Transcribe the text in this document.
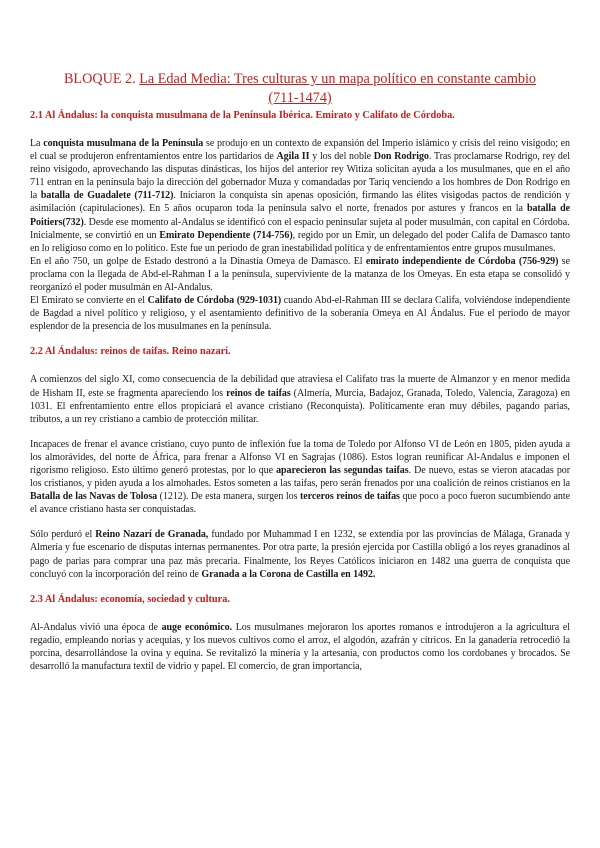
BLOQUE 2. La Edad Media: Tres culturas y un mapa político en constante cambio
(711-1474)
2.1 Al Ándalus: la conquista musulmana de la Península Ibérica. Emirato y Califato de Córdoba.

La conquista musulmana de la Península se produjo en un contexto de expansión del Imperio islámico y crisis del reino visigodo; en el cual se produjeron enfrentamientos entre los partidarios de Agila II y los del noble Don Rodrigo. Tras proclamarse Rodrigo, rey del reino visigodo, aprovechando las disputas dinásticas, los hijos del anterior rey Witiza solicitan ayuda a los musulmanes, que en el año 711 entran en la península bajo la dirección del gobernador Muza y comandadas por Tariq venciendo a los hombres de Don Rodrigo en la batalla de Guadalete (711-712). Iniciaron la conquista sin apenas oposición, firmando las élites visigodas pactos de rendición y asimilación (capitulaciones). En 5 años ocuparon toda la península salvo el norte, frenados por astures y francos en la batalla de Poitiers(732). Desde ese momento al-Andalus se identificó con el espacio peninsular sujeta al poder musulmán, con capital en Córdoba.

Inicialmente, se convirtió en un Emirato Dependiente (714-756), regido por un Emir, un delegado del poder Califa de Damasco tanto en lo religioso como en lo político. Este fue un periodo de gran inestabilidad política y de enfrentamientos entre grupos musulmanes.

En el año 750, un golpe de Estado destronó a la Dinastía Omeya de Damasco. El emirato independiente de Córdoba (756-929) se proclama con la llegada de Abd-el-Rahman I a la península, superviviente de la matanza de los Omeyas. En esta etapa se consolidó y reorganizó el poder musulmán en Al-Andalus.

El Emirato se convierte en el Califato de Córdoba (929-1031) cuando Abd-el-Rahman III se declara Califa, volviéndose independiente de Bagdad a nivel político y religioso, y el asentamiento definitivo de la soberanía Omeya en Al Ándalus. Fue el periodo de mayor esplendor de la presencia de los musulmanes en la península.

2.2 Al Ándalus: reinos de taifas. Reino nazarí.

A comienzos del siglo XI, como consecuencia de la debilidad que atraviesa el Califato tras la muerte de Almanzor y en menor medida de Hisham II, este se fragmenta apareciendo los reinos de taifas (Almería, Murcia, Badajoz, Granada, Toledo, Valencia, Zaragoza) en 1031. El enfrentamiento entre ellos propiciará el avance cristiano (Reconquista). Políticamente eran muy débiles, pagando parias, tributos, a un rey cristiano a cambio de protección militar.

Incapaces de frenar el avance cristiano, cuyo punto de inflexión fue la toma de Toledo por Alfonso VI de León en 1805, piden ayuda a los almorávides, del norte de África, para frenar a Alfonso VI en Sagrajas (1086). Estos logran reunificar Al-Andalus e imponen el rigorismo religioso. Esto último generó protestas, por lo que aparecieron las segundas taifas. De nuevo, estas se vieron atacadas por los cristianos, y piden ayuda a los almohades. Estos someten a las taifas, pero serán frenados por una coalición de reinos cristianos en la Batalla de las Navas de Tolosa (1212). De esta manera, surgen los terceros reinos de taifas que poco a poco fueron sucumbiendo ante el avance cristiano hasta ser conquistadas.

Sólo perduró el Reino Nazarí de Granada, fundado por Muhammad I en 1232, se extendía por las provincias de Málaga, Granada y Almería y fue escenario de disputas internas permanentes. Por otra parte, la presión ejercida por Castilla obligó a los reyes granadinos al pago de parias para comprar una paz más precaria. Finalmente, los Reyes Católicos iniciaron en 1482 una guerra de conquista que concluyó con la incorporación del reino de Granada a la Corona de Castilla en 1492.

2.3 Al Ándalus: economía, sociedad y cultura.

Al-Andalus vivió una época de auge económico. Los musulmanes mejoraron los aportes romanos e introdujeron a la agricultura el regadío, empleando norias y acequias, y los nuevos cultivos como el arroz, el algodón, azafrán y cítricos. En la ganadería retrocedió la porcina, desarrollándose la ovina y equina. Se revitalizó la minería y la artesanía, con productos como los cordobanes y brocados. Se desarrolló la manufactura textil de vidrio y papel. El comercio, de gran importancia,
